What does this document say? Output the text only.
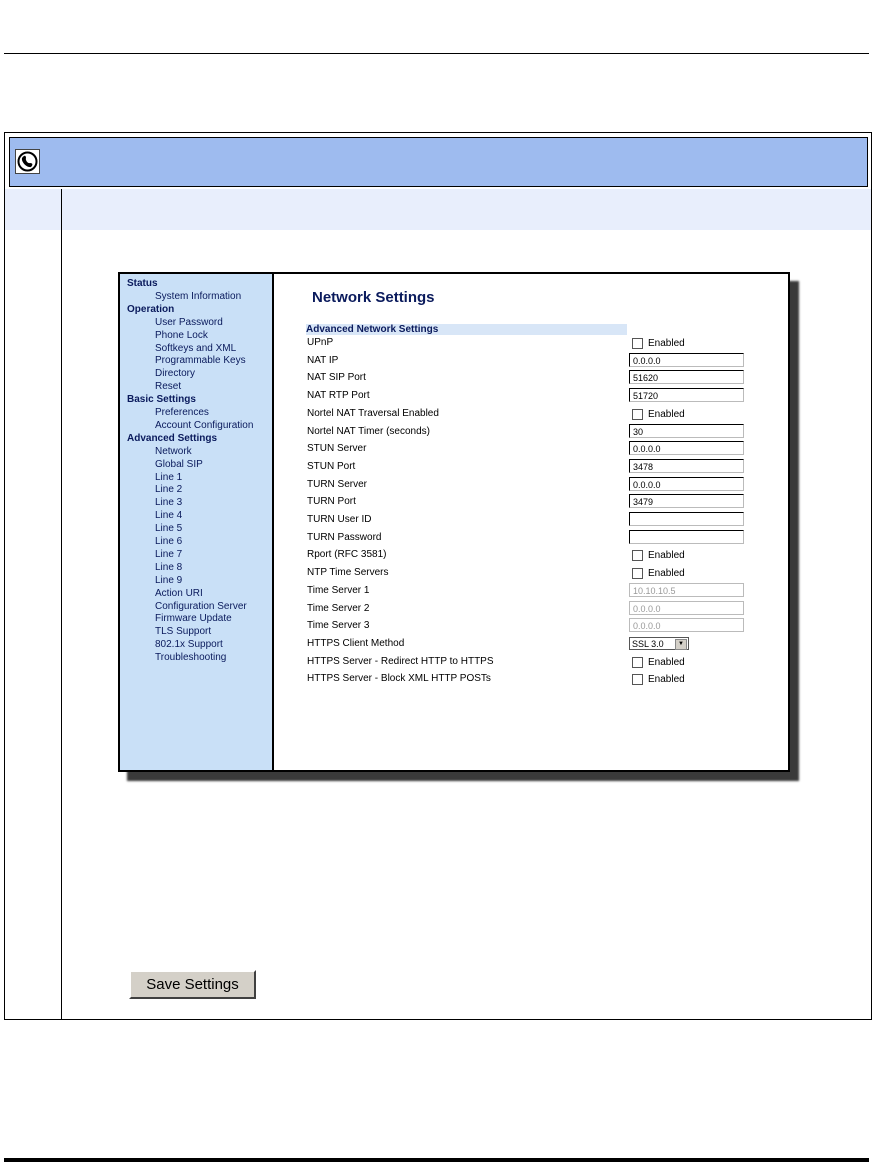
Status
System Information
Operation
User Password
Phone Lock
Softkeys and XML
Programmable Keys
Directory
Reset
Basic Settings
Preferences
Account Configuration
Advanced Settings
Network
Global SIP
Line 1
Line 2
Line 3
Line 4
Line 5
Line 6
Line 7
Line 8
Line 9
Action URI
Configuration Server
Firmware Update
TLS Support
802.1x Support
Troubleshooting
Network Settings
Advanced Network Settings
UPnP	Enabled
NAT IP	0.0.0.0
NAT SIP Port	51620
NAT RTP Port	51720
Nortel NAT Traversal Enabled	Enabled
Nortel NAT Timer (seconds)	30
STUN Server	0.0.0.0
STUN Port	3478
TURN Server	0.0.0.0
TURN Port	3479
TURN User ID
TURN Password
Rport (RFC 3581)	Enabled
NTP Time Servers	Enabled
Time Server 1	10.10.10.5
Time Server 2	0.0.0.0
Time Server 3	0.0.0.0
HTTPS Client Method	SSL 3.0	▼
HTTPS Server - Redirect HTTP to HTTPS	Enabled
HTTPS Server - Block XML HTTP POSTs	Enabled
Save Settings
